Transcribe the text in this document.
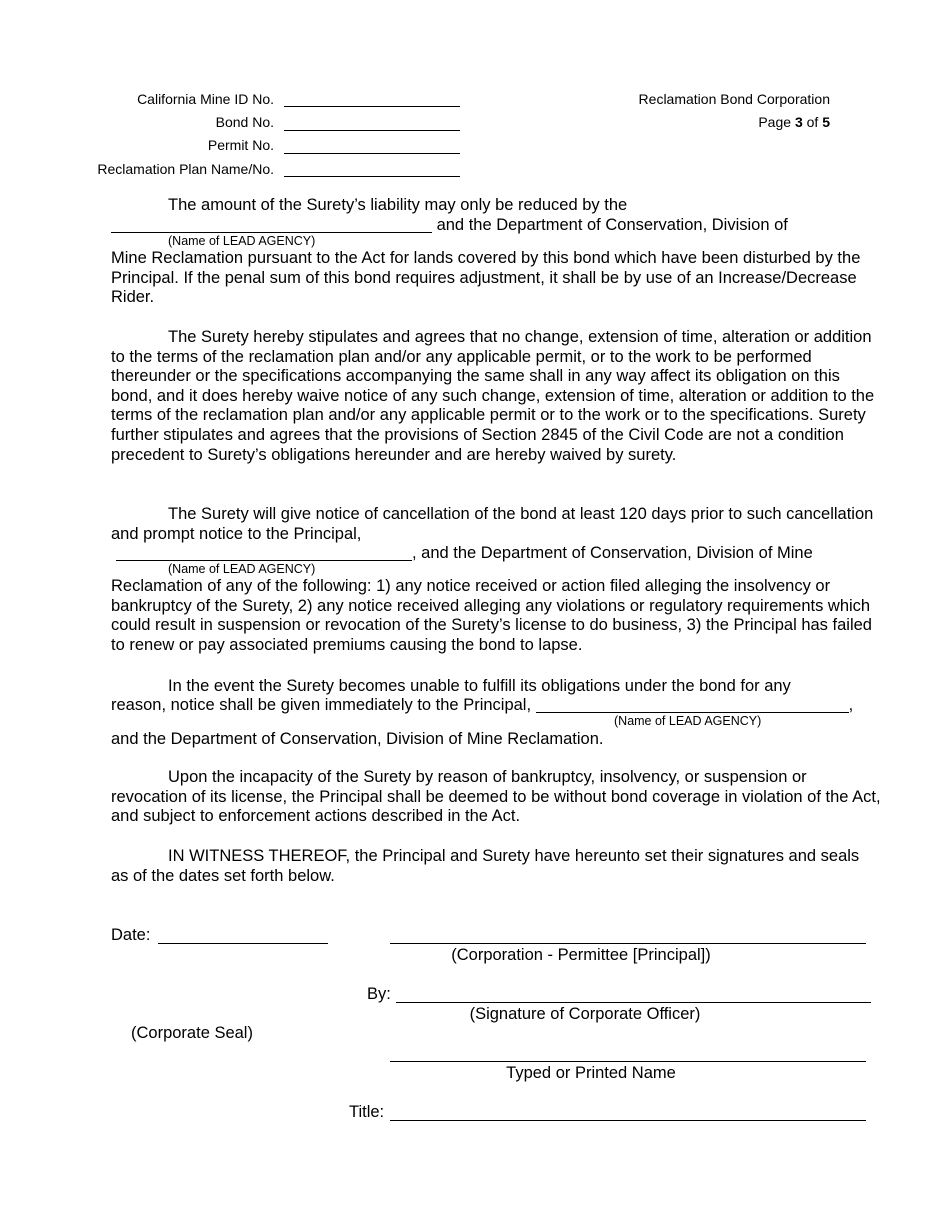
California Mine ID No.
Bond No.
Permit No.
Reclamation Plan Name/No.
Reclamation Bond Corporation
Page 3 of 5
The amount of the Surety’s liability may only be reduced by the
and the Department of Conservation, Division of
(Name of LEAD AGENCY)

Mine Reclamation pursuant to the Act for lands covered by this bond which have been disturbed by the Principal. If the penal sum of this bond requires adjustment, it shall be by use of an Increase/Decrease Rider.

The Surety hereby stipulates and agrees that no change, extension of time, alteration or addition to the terms of the reclamation plan and/or any applicable permit, or to the work to be performed thereunder or the specifications accompanying the same shall in any way affect its obligation on this bond, and it does hereby waive notice of any such change, extension of time, alteration or addition to the terms of the reclamation plan and/or any applicable permit or to the work or to the specifications. Surety further stipulates and agrees that the provisions of Section 2845 of the Civil Code are not a condition precedent to Surety’s obligations hereunder and are hereby waived by surety.

The Surety will give notice of cancellation of the bond at least 120 days prior to such cancellation and prompt notice to the Principal,

, and the Department of Conservation, Division of Mine
(Name of LEAD AGENCY)

Reclamation of any of the following: 1) any notice received or action filed alleging the insolvency or bankruptcy of the Surety, 2) any notice received alleging any violations or regulatory requirements which could result in suspension or revocation of the Surety’s license to do business, 3) the Principal has failed to renew or pay associated premiums causing the bond to lapse.

In the event the Surety becomes unable to fulfill its obligations under the bond for any
reason, notice shall be given immediately to the Principal,	,
(Name of LEAD AGENCY)
and the Department of Conservation, Division of Mine Reclamation.

Upon the incapacity of the Surety by reason of bankruptcy, insolvency, or suspension or revocation of its license, the Principal shall be deemed to be without bond coverage in violation of the Act, and subject to enforcement actions described in the Act.

IN WITNESS THEREOF, the Principal and Surety have hereunto set their signatures and seals as of the dates set forth below.

Date:
(Corporation - Permittee [Principal])
By:
(Signature of Corporate Officer)
(Corporate Seal)
Typed or Printed Name
Title:
